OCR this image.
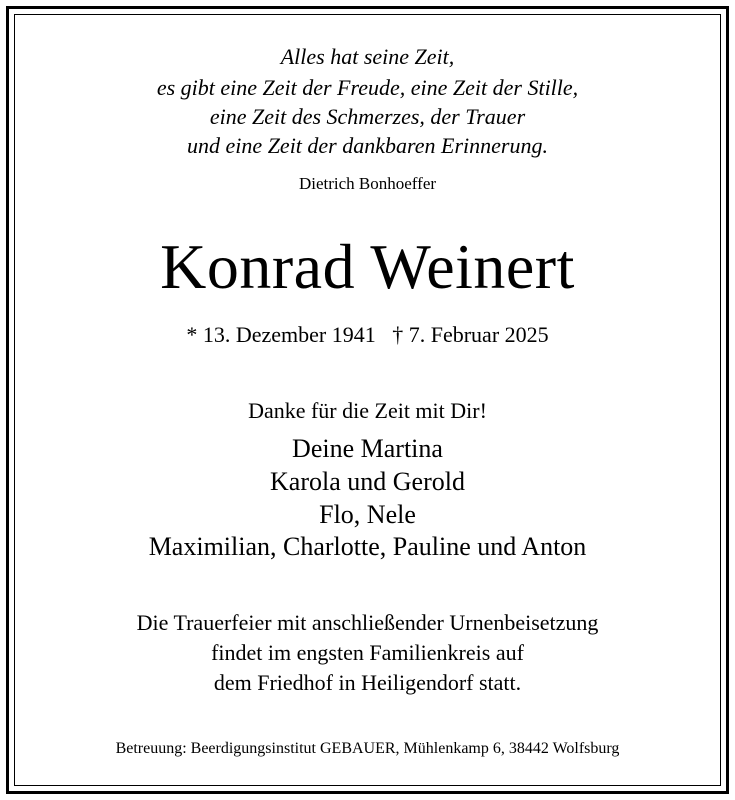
Alles hat seine Zeit,
es gibt eine Zeit der Freude, eine Zeit der Stille,
eine Zeit des Schmerzes, der Trauer
und eine Zeit der dankbaren Erinnerung.
Dietrich Bonhoeffer
Konrad Weinert
* 13. Dezember 1941   † 7. Februar 2025
Danke für die Zeit mit Dir!
Deine Martina
Karola und Gerold
Flo, Nele
Maximilian, Charlotte, Pauline und Anton
Die Trauerfeier mit anschließender Urnenbeisetzung
findet im engsten Familienkreis auf
dem Friedhof in Heiligendorf statt.
Betreuung: Beerdigungsinstitut GEBAUER, Mühlenkamp 6, 38442 Wolfsburg
